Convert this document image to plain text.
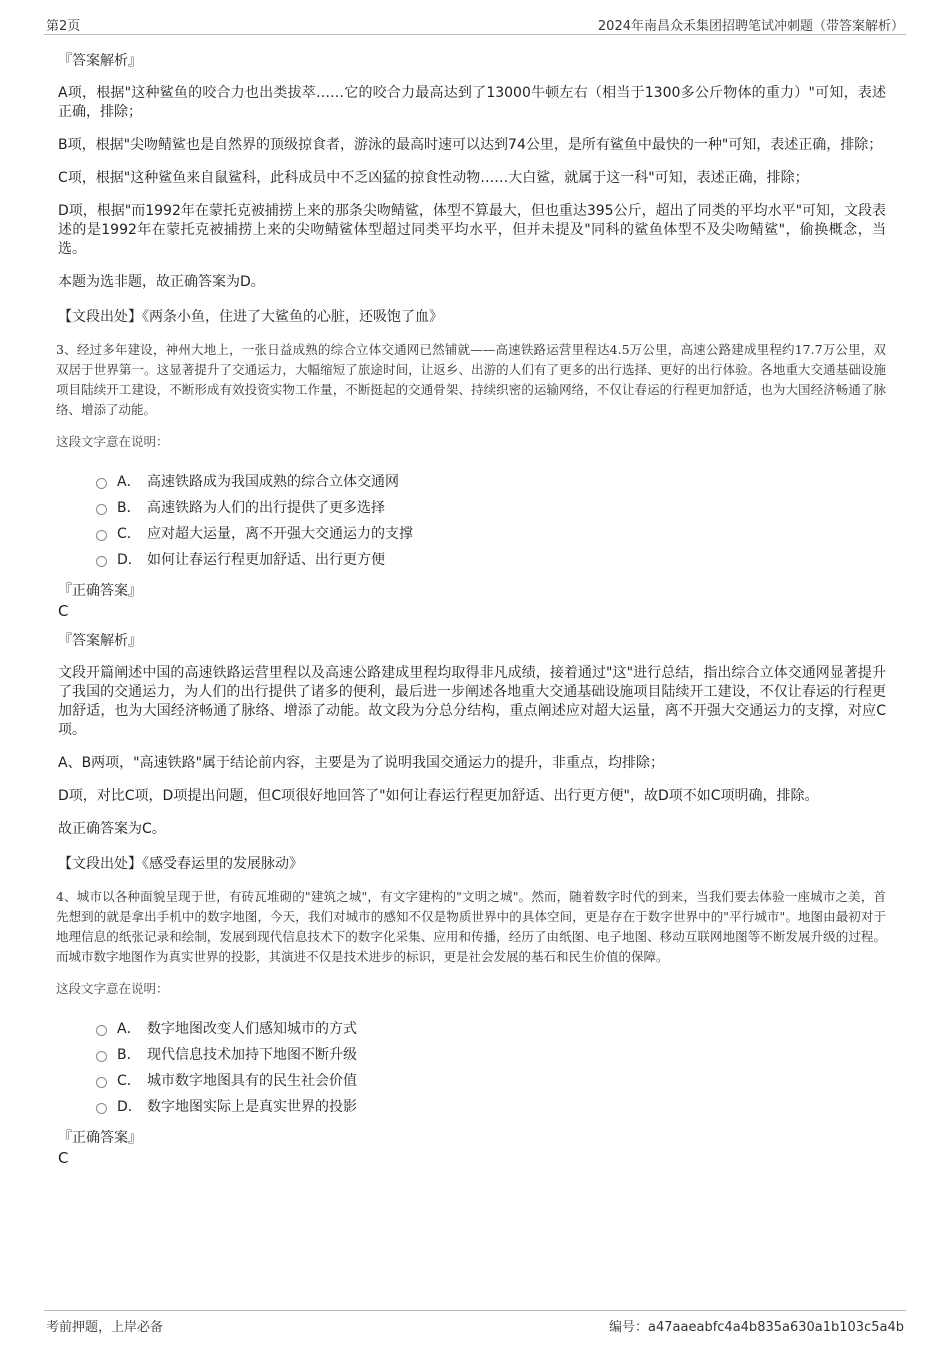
第2页	2024年南昌众禾集团招聘笔试冲刺题（带答案解析）
『答案解析』
A项，根据"这种鲨鱼的咬合力也出类拔萃……它的咬合力最高达到了13000牛顿左右（相当于1300多公斤物体的重力）"可知，表述正确，排除；
B项，根据"尖吻鲭鲨也是自然界的顶级掠食者，游泳的最高时速可以达到74公里，是所有鲨鱼中最快的一种"可知，表述正确，排除；
C项，根据"这种鲨鱼来自鼠鲨科，此科成员中不乏凶猛的掠食性动物……大白鲨，就属于这一科"可知，表述正确，排除；
D项，根据"而1992年在蒙托克被捕捞上来的那条尖吻鲭鲨，体型不算最大，但也重达395公斤，超出了同类的平均水平"可知，文段表述的是1992年在蒙托克被捕捞上来的尖吻鲭鲨体型超过同类平均水平，但并未提及"同科的鲨鱼体型不及尖吻鲭鲨"，偷换概念，当选。
本题为选非题，故正确答案为D。
【文段出处】《两条小鱼，住进了大鲨鱼的心脏，还吸饱了血》
3、经过多年建设，神州大地上，一张日益成熟的综合立体交通网已然铺就——高速铁路运营里程达4.5万公里，高速公路建成里程约17.7万公里，双双居于世界第一。这显著提升了交通运力，大幅缩短了旅途时间，让返乡、出游的人们有了更多的出行选择、更好的出行体验。各地重大交通基础设施项目陆续开工建设，不断形成有效投资实物工作量，不断挺起的交通骨架、持续织密的运输网络，不仅让春运的行程更加舒适，也为大国经济畅通了脉络、增添了动能。
这段文字意在说明：
A． 高速铁路成为我国成熟的综合立体交通网
B． 高速铁路为人们的出行提供了更多选择
C． 应对超大运量，离不开强大交通运力的支撑
D． 如何让春运行程更加舒适、出行更方便
『正确答案』
C
『答案解析』
文段开篇阐述中国的高速铁路运营里程以及高速公路建成里程均取得非凡成绩，接着通过"这"进行总结，指出综合立体交通网显著提升了我国的交通运力，为人们的出行提供了诸多的便利，最后进一步阐述各地重大交通基础设施项目陆续开工建设，不仅让春运的行程更加舒适，也为大国经济畅通了脉络、增添了动能。故文段为分总分结构，重点阐述应对超大运量，离不开强大交通运力的支撑，对应C项。
A、B两项，"高速铁路"属于结论前内容，主要是为了说明我国交通运力的提升，非重点，均排除；
D项，对比C项，D项提出问题，但C项很好地回答了"如何让春运行程更加舒适、出行更方便"，故D项不如C项明确，排除。
故正确答案为C。
【文段出处】《感受春运里的发展脉动》
4、城市以各种面貌呈现于世，有砖瓦堆砌的"建筑之城"，有文字建构的"文明之城"。然而，随着数字时代的到来，当我们要去体验一座城市之美，首先想到的就是拿出手机中的数字地图，今天，我们对城市的感知不仅是物质世界中的具体空间，更是存在于数字世界中的"平行城市"。地图由最初对于地理信息的纸张记录和绘制，发展到现代信息技术下的数字化采集、应用和传播，经历了由纸图、电子地图、移动互联网地图等不断发展升级的过程。而城市数字地图作为真实世界的投影，其演进不仅是技术进步的标识，更是社会发展的基石和民生价值的保障。
这段文字意在说明：
A． 数字地图改变人们感知城市的方式
B． 现代信息技术加持下地图不断升级
C． 城市数字地图具有的民生社会价值
D． 数字地图实际上是真实世界的投影
『正确答案』
C
考前押题，上岸必备	编号：a47aaeabfc4a4b835a630a1b103c5a4b
